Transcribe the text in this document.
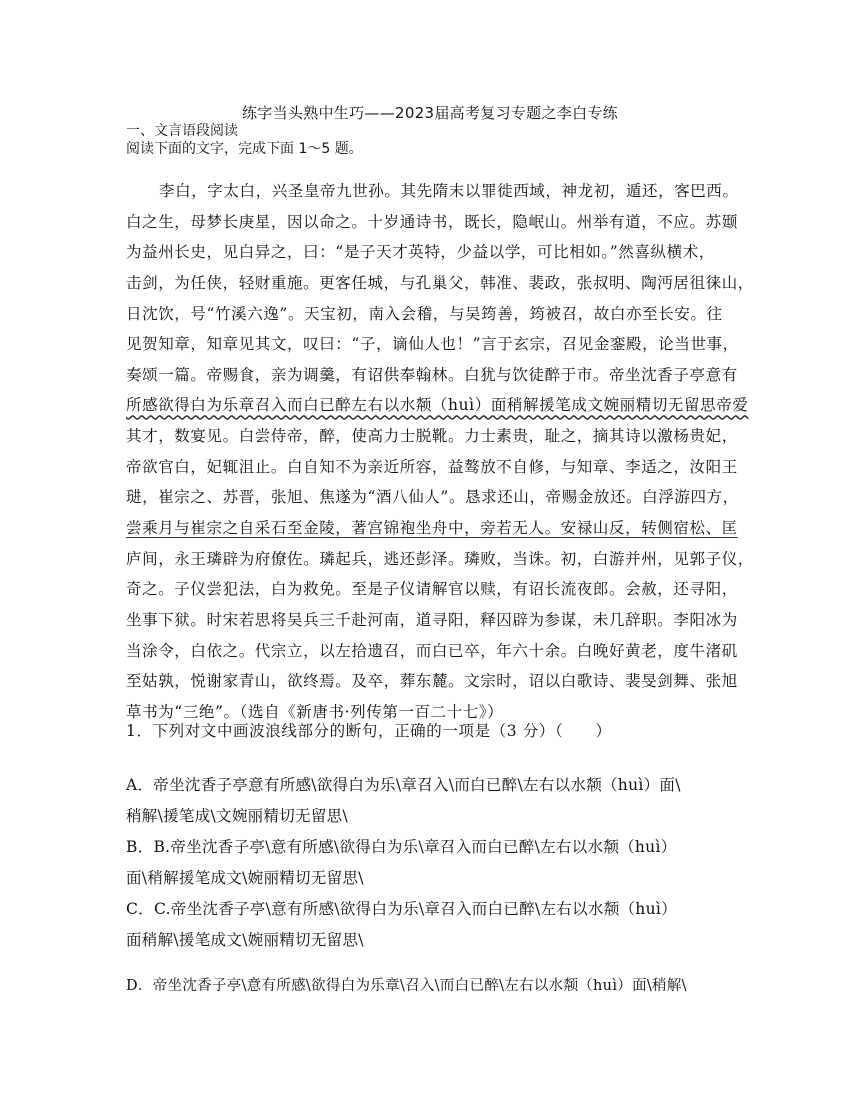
练字当头熟中生巧——2023届高考复习专题之李白专练
一、文言语段阅读
阅读下面的文字，完成下面 1～5 题。
李白，字太白，兴圣皇帝九世孙。其先隋末以罪徙西域，神龙初，遁还，客巴西。
白之生，母梦长庚星，因以命之。十岁通诗书，既长，隐岷山。州举有道，不应。苏颋
为益州长史，见白异之，曰：“是子天才英特，少益以学，可比相如。”然喜纵横术，
击剑，为任侠，轻财重施。更客任城，与孔巢父，韩准、裴政，张叔明、陶沔居徂徕山，
日沈饮，号“竹溪六逸”。天宝初，南入会稽，与吴筠善，筠被召，故白亦至长安。往
见贺知章，知章见其文，叹曰：“子，谪仙人也！”言于玄宗，召见金銮殿，论当世事，
奏颂一篇。帝赐食，亲为调羹，有诏供奉翰林。白犹与饮徒醉于市。帝坐沈香子亭意有
所感欲得白为乐章召入而白已醉左右以水颒（huì）面稍解援笔成文婉丽精切无留思帝爱
其才，数宴见。白尝侍帝，醉，使高力士脱靴。力士素贵，耻之，摘其诗以激杨贵妃，
帝欲官白，妃辄沮止。白自知不为亲近所容，益骜放不自修，与知章、李适之，汝阳王
琎，崔宗之、苏晋，张旭、焦遂为“酒八仙人”。恳求还山，帝赐金放还。白浮游四方，
尝乘月与崔宗之自采石至金陵，著宫锦袍坐舟中，旁若无人。安禄山反，转侧宿松、匡
庐间，永王璘辟为府僚佐。璘起兵，逃还彭泽。璘败，当诛。初，白游并州，见郭子仪，
奇之。子仪尝犯法，白为救免。至是子仪请解官以赎，有诏长流夜郎。会赦，还寻阳，
坐事下狱。时宋若思将吴兵三千赴河南，道寻阳，释囚辟为参谋，未几辞职。李阳冰为
当涂令，白依之。代宗立，以左拾遗召，而白已卒，年六十余。白晚好黄老，度牛渚矶
至姑孰，悦谢家青山，欲终焉。及卒，葬东麓。文宗时，诏以白歌诗、裴旻剑舞、张旭
草书为“三绝”。（选自《新唐书·列传第一百二十七》）
1．下列对文中画波浪线部分的断句，正确的一项是（3 分）（　　）
A．帝坐沈香子亭意有所感\欲得白为乐\章召入\而白已醉\左右以水颒（huì）面\
稍解\援笔成\文婉丽精切无留思\
B．B.帝坐沈香子亭\意有所感\欲得白为乐\章召入而白已醉\左右以水颒（huì）
面\稍解援笔成文\婉丽精切无留思\
C．C.帝坐沈香子亭\意有所感\欲得白为乐\章召入而白已醉\左右以水颒（huì）
面稍解\援笔成文\婉丽精切无留思\
D．帝坐沈香子亭\意有所感\欲得白为乐章\召入\而白已醉\左右以水颒（huì）面\稍解\
